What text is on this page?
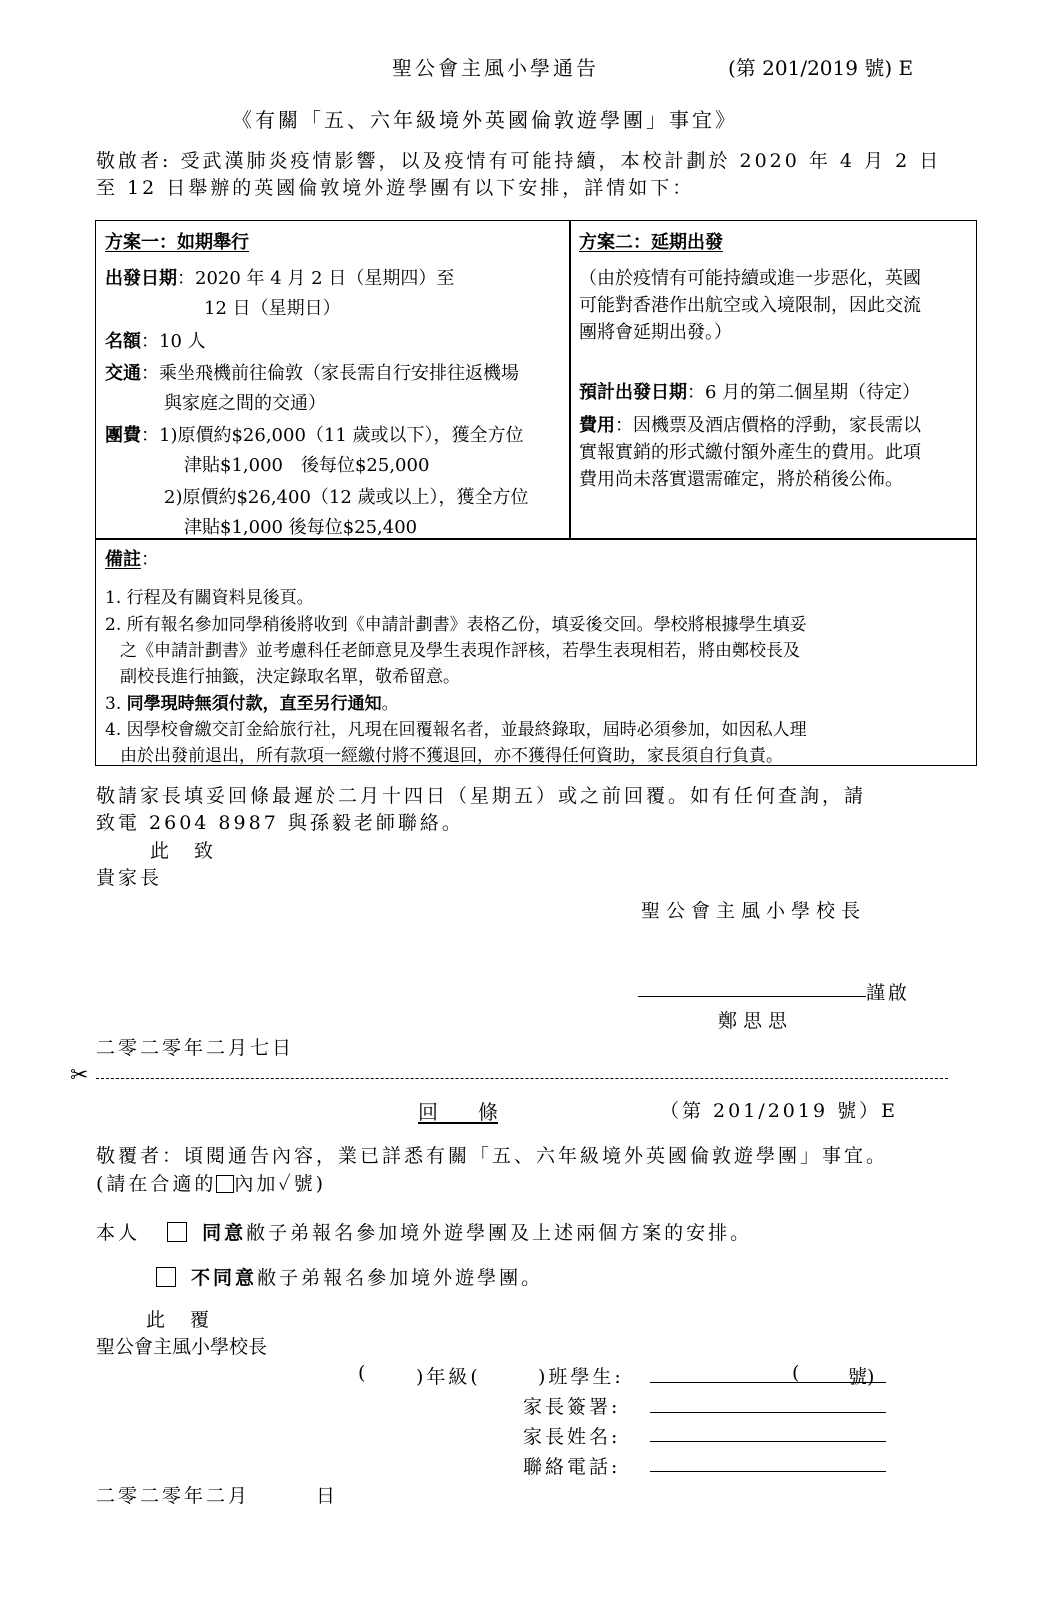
聖公會主風小學通告	(第 201/2019 號) E
《有關「五、六年級境外英國倫敦遊學團」事宜》
敬啟者: 受武漢肺炎疫情影響，以及疫情有可能持續，本校計劃於 2020 年 4 月 2 日
至 12 日舉辦的英國倫敦境外遊學團有以下安排，詳情如下：
方案一：如期舉行
出發日期：2020 年 4 月 2 日（星期四）至
12 日（星期日）
名額：10 人
交通：乘坐飛機前往倫敦（家長需自行安排往返機場
與家庭之間的交通）
團費：1)原價約$26,000（11 歲或以下），獲全方位
津貼$1,000　後每位$25,000
2)原價約$26,400（12 歲或以上），獲全方位
津貼$1,000 後每位$25,400
方案二：延期出發
（由於疫情有可能持續或進一步惡化，英國
可能對香港作出航空或入境限制，因此交流
團將會延期出發。）
預計出發日期：6 月的第二個星期（待定）
費用：因機票及酒店價格的浮動，家長需以
實報實銷的形式繳付額外產生的費用。此項
費用尚未落實還需確定，將於稍後公佈。
備註：
1. 行程及有關資料見後頁。
2. 所有報名參加同學稍後將收到《申請計劃書》表格乙份，填妥後交回。學校將根據學生填妥
之《申請計劃書》並考慮科任老師意見及學生表現作評核，若學生表現相若，將由鄭校長及
副校長進行抽籤，決定錄取名單，敬希留意。
3. 同學現時無須付款，直至另行通知。
4. 因學校會繳交訂金給旅行社，凡現在回覆報名者，並最終錄取，屆時必須參加，如因私人理
由於出發前退出，所有款項一經繳付將不獲退回，亦不獲得任何資助，家長須自行負責。
敬請家長填妥回條最遲於二月十四日（星期五）或之前回覆。如有任何查詢，請
致電 2604 8987 與孫毅老師聯絡。
此　致
貴家長
聖公會主風小學校長
謹啟
鄭思思
二零二零年二月七日
✂
回　　條	（第 201/2019 號）E
敬覆者：頃閱通告內容，業已詳悉有關「五、六年級境外英國倫敦遊學團」事宜。
(請在合適的 內加✓號)
本人	同意敝子弟報名參加境外遊學團及上述兩個方案的安排。
不同意敝子弟報名參加境外遊學團。
此　覆
聖公會主風小學校長
(	)年級(	)班學生:	(	號)
家長簽署:
家長姓名:
聯絡電話:
二零二零年二月　　　日
